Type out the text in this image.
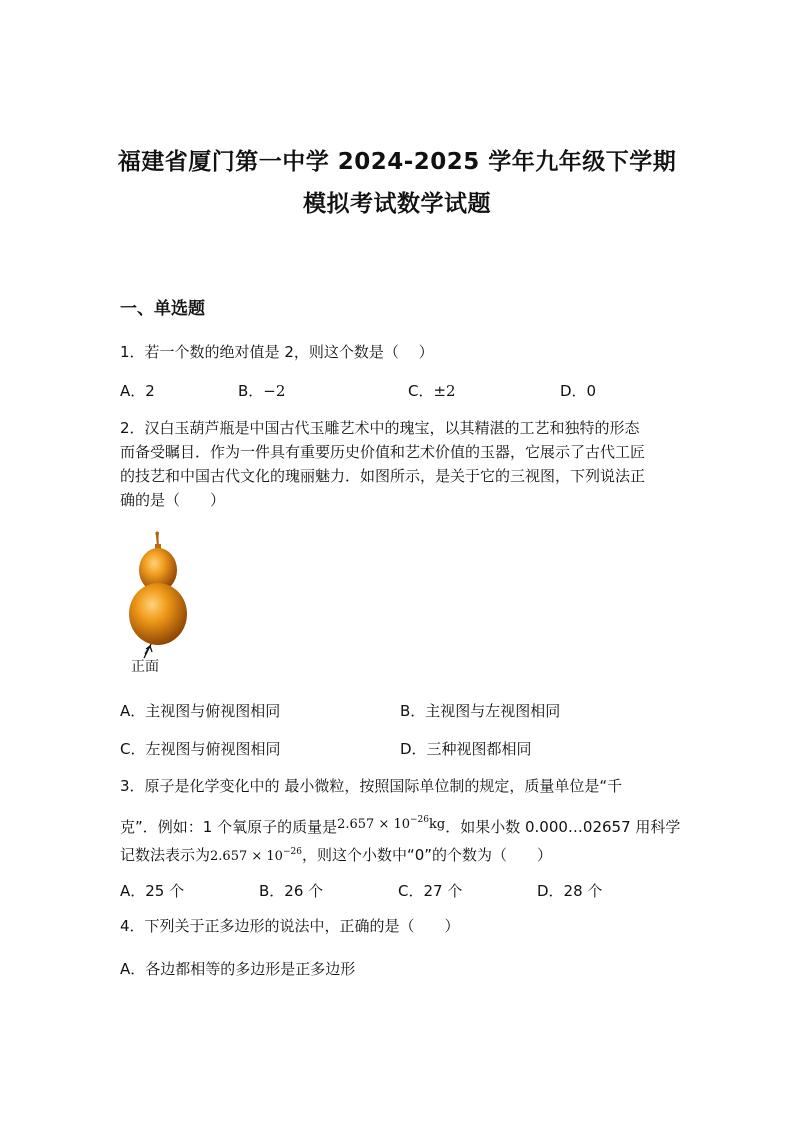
福建省厦门第一中学 2024-2025 学年九年级下学期
模拟考试数学试题
一、单选题
1．若一个数的绝对值是 2，则这个数是（　 ）
A．2	B．−2	C．±2	D．0
2．汉白玉葫芦瓶是中国古代玉雕艺术中的瑰宝，以其精湛的工艺和独特的形态
而备受瞩目．作为一件具有重要历史价值和艺术价值的玉器，它展示了古代工匠
的技艺和中国古代文化的瑰丽魅力．如图所示，是关于它的三视图，下列说法正
确的是（　　）
正面
A．主视图与俯视图相同	B．主视图与左视图相同
C．左视图与俯视图相同	D．三种视图都相同
3．原子是化学变化中的 最小微粒，按照国际单位制的规定，质量单位是“千
克”．例如：1 个氧原子的质量是$2.657 \times 10^{-26}kg$．如果小数 0.000…02657 用科学
记数法表示为$2.657 \times 10^{-26}$，则这个小数中“0”的个数为（　　）
A．25 个	B．26 个	C．27 个	D．28 个
4．下列关于正多边形的说法中，正确的是（　　）
A．各边都相等的多边形是正多边形
